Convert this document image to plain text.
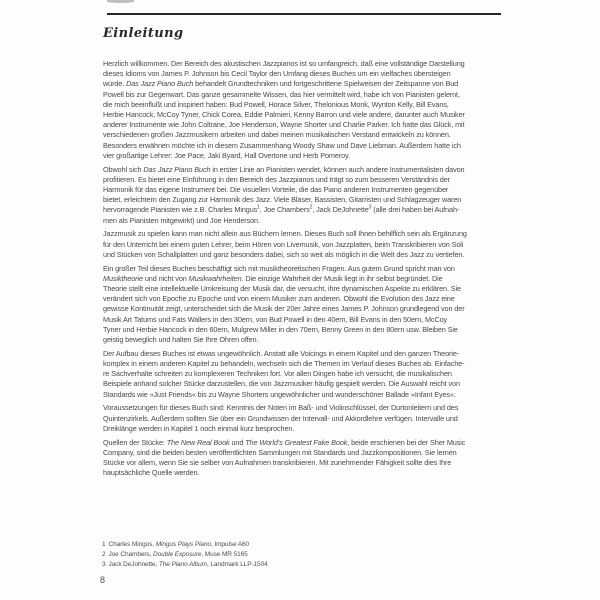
Einleitung

Herzlich willkommen. Der Bereich des akustischen Jazzpianos ist so umfangreich, daß eine vollständige Darstellung
dieses Idioms von James P. Johnson bis Cecil Taylor den Umfang dieses Buches um ein vielfaches übersteigen
würde. Das Jazz Piano Buch behandelt Grundtechniken und fortgeschrittene Spielweisen der Zeitspanne von Bud
Powell bis zur Gegenwart. Das ganze gesammelte Wissen, das hier vermittelt wird, habe ich von Pianisten gelernt,
die mich beeinflußt und inspiriert haben: Bud Powell, Horace Silver, Thelonious Monk, Wynton Kelly, Bill Evans,
Herbie Hancock, McCoy Tyner, Chick Corea, Eddie Palmieri, Kenny Barron und viele andere, darunter auch Musiker
anderer Instrumente wie John Coltrane, Joe Henderson, Wayne Shorter und Charlie Parker. Ich hatte das Glück, mit
verschiedenen großen Jazzmusikern arbeiten und dabei meinen musikalischen Verstand entwickeln zu können.
Besonders erwähnen möchte ich in diesem Zusammenhang Woody Shaw und Dave Liebman. Außerdem hatte ich
vier großartige Lehrer: Joe Pace, Jaki Byard, Hall Overtone und Herb Pomeroy.

Obwohl sich Das Jazz Piano Buch in erster Linie an Pianisten wendet, können auch andere Instrumentalisten davon
profitieren. Es bietet eine Einführung in den Bereich des Jazzpianos und trägt so zum besseren Verständnis der
Harmonik für das eigene Instrument bei. Die visuellen Vorteile, die das Piano anderen Instrumenten gegenüber
bietet, erleichtern den Zugang zur Harmonik des Jazz. Viele Bläser, Bassisten, Gitarristen und Schlagzeuger waren
hervorragende Pianisten wie z.B. Charles Mingus$^1$, Joe Chambers$^2$, Jack DeJohnette$^3$ (alle drei haben bei Aufnah-
men als Pianisten mitgewirkt) und Joe Henderson.

Jazzmusik zu spielen kann man nicht allein aus Büchern lernen. Dieses Buch soll Ihnen behilflich sein als Ergänzung
für den Unterricht bei einem guten Lehrer, beim Hören von Livemusik, von Jazzplatten, beim Transkribieren von Soli
und Stücken von Schallplatten und ganz besonders dabei, sich so weit als möglich in die Welt des Jazz zu vertiefen.

Ein großer Teil dieses Buches beschäftigt sich mit musiktheoretischen Fragen. Aus gutem Grund spricht man von
Musiktheorie und nicht von Musikwahrheiten. Die einzige Wahrheit der Musik liegt in ihr selbst begründet. Die
Theorie stellt eine intellektuelle Umkreisung der Musik dar, die versucht, ihre dynamischen Aspekte zu erklären. Sie
verändert sich von Epoche zu Epoche und von einem Musiker zum anderen. Obwohl die Evolution des Jazz eine
gewisse Kontinuität zeigt, unterscheidet sich die Musik der 20er Jahre eines James P. Johnson grundlegend von der
Musik Art Tatums und Fats Wallers in den 30ern, von Bud Powell in den 40ern, Bill Evans in den 50ern, McCoy
Tyner und Herbie Hancock in den 60ern, Mulgrew Miller in den 70ern, Benny Green in den 80ern usw. Bleiben Sie
geistig beweglich und halten Sie Ihre Ohren offen.

Der Aufbau dieses Buches ist etwas ungewöhnlich. Anstatt alle Voicings in einem Kapitel und den ganzen Theorie-
komplex in einem anderen Kapitel zu behandeln, wechseln sich die Themen im Verlauf dieses Buches ab. Einfache-
re Sachverhalte schreiten zu komplexeren Techniken fort. Vor allen Dingen habe ich versucht, die musikalischen
Beispiele anhand solcher Stücke darzustellen, die von Jazzmusiker häufig gespielt werden. Die Auswahl reicht von
Standards wie »Just Friends« bis zu Wayne Shorters ungewöhnlicher und wunderschöner Ballade »Infant Eyes«.

Voraussetzungen für dieses Buch sind: Kenntnis der Noten im Baß- und Violinschlüssel, der Durtonleitern und des
Quintenzirkels. Außerdem sollten Sie über ein Grundwissen der Intervall- und Akkordlehre verfügen. Intervalle und
Dreiklänge werden in Kapitel 1 noch einmal kurz besprochen.

Quellen der Stücke: The New Real Book und The World's Greatest Fake Book, beide erschienen bei der Sher Music
Company, sind die beiden besten veröffentlichten Sammlungen mit Standards und Jazzkompositionen. Sie lernen
Stücke vor allem, wenn Sie sie selber von Aufnahmen transkribieren. Mit zunehmender Fähigkeit sollte dies Ihre
hauptsächliche Quelle werden.

1 Charles Mingus, Mingus Plays Piano, Impulse A60
2 Joe Chambers, Double Exposure, Muse MR 5165
3 Jack DeJohnette, The Piano Album, Landmark LLP-1504
8
